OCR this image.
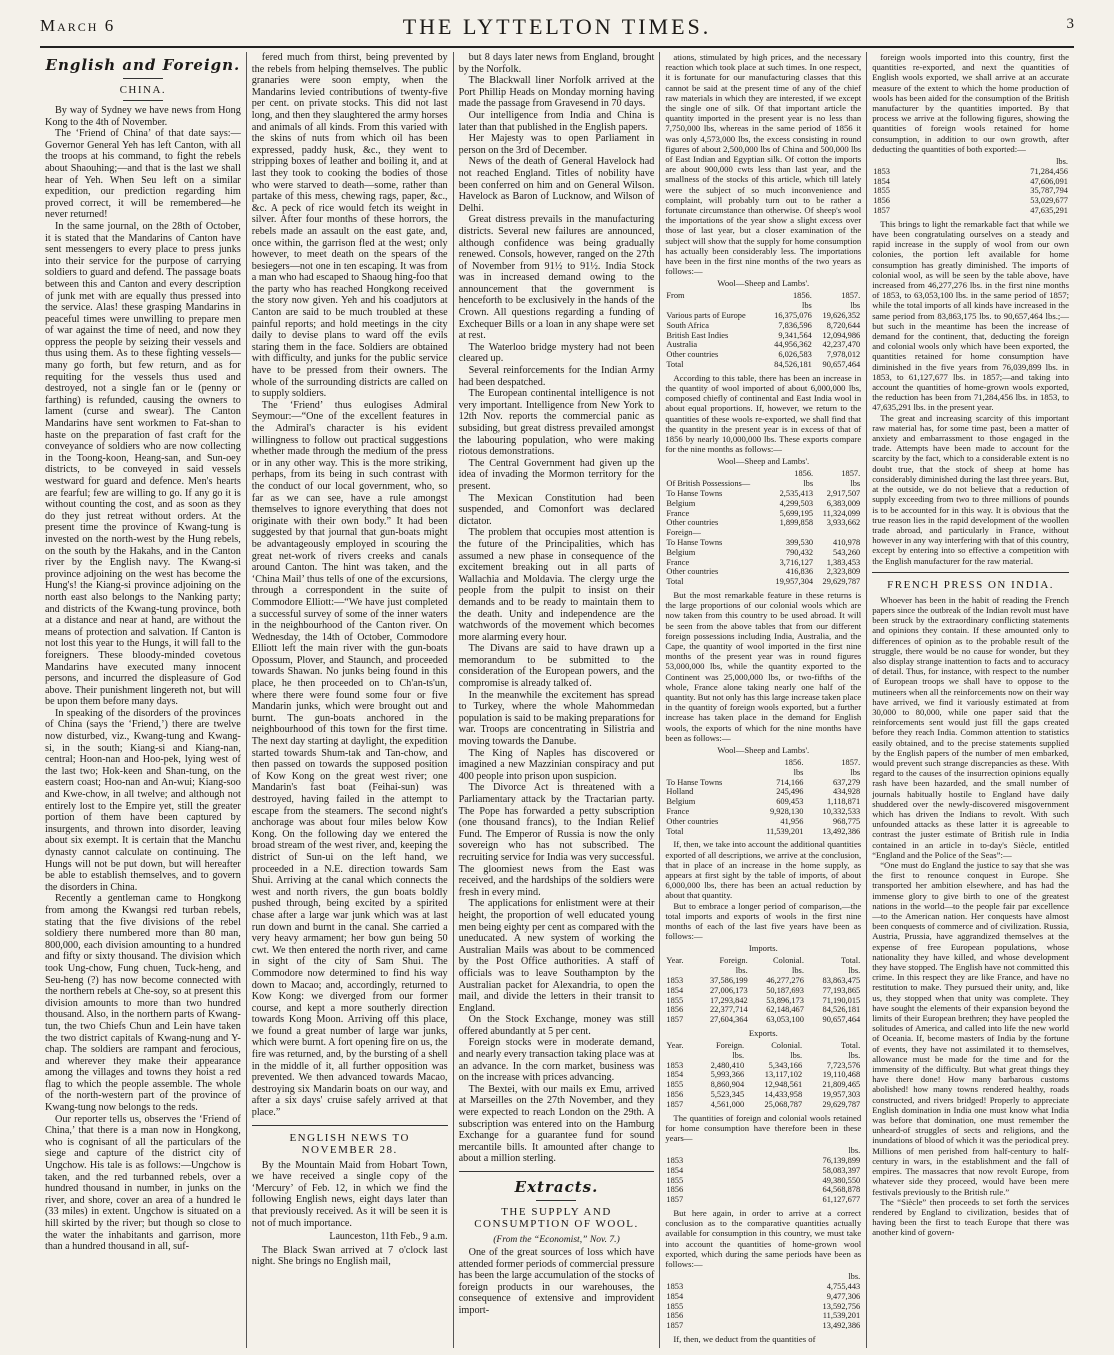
March 6	THE LYTTELTON TIMES.	3
English and Foreign.
CHINA.

By way of Sydney we have news from Hong Kong to the 4th of November.

The ‘Friend of China’ of that date says:—Governor General Yeh has left Canton, with all the troops at his command, to fight the rebels about Shaouhing;—and that is the last we shall hear of Yeh. When Seu left on a similar expedition, our prediction regarding him proved correct, it will be remembered—he never returned!

In the same journal, on the 28th of October, it is stated that the Mandarins of Canton have sent messengers to every place to press junks into their service for the purpose of carrying soldiers to guard and defend. The passage boats between this and Canton and every description of junk met with are equally thus pressed into the service. Alas! these grasping Mandarins in peaceful times were unwilling to prepare men of war against the time of need, and now they oppress the people by seizing their vessels and thus using them. As to these fighting vessels—many go forth, but few return, and as for requiting for the vessels thus used and destroyed, not a single fan or le (penny or farthing) is refunded, causing the owners to lament (curse and swear). The Canton Mandarins have sent workmen to Fat-shan to haste on the preparation of fast craft for the conveyance of soldiers who are now collecting in the Toong-koon, Heang-san, and Sun-oey districts, to be conveyed in said vessels westward for guard and defence. Men's hearts are fearful; few are willing to go. If any go it is without counting the cost, and as soon as they do they just retreat without orders. At the present time the province of Kwang-tung is invested on the north-west by the Hung rebels, on the south by the Hakahs, and in the Canton river by the English navy. The Kwang-si province adjoining on the west has become the Hung's! the Kiang-si province adjoining on the north east also belongs to the Nanking party; and districts of the Kwang-tung province, both at a distance and near at hand, are without the means of protection and salvation. If Canton is not lost this year to the Hungs, it will fall to the foreigners. These bloody-minded covetous Mandarins have executed many innocent persons, and incurred the displeasure of God above. Their punishment lingereth not, but will be upon them before many days.

In speaking of the disorders of the provinces of China (says the ‘Friend,’) there are twelve now disturbed, viz., Kwang-tung and Kwang-si, in the south; Kiang-si and Kiang-nan, central; Hoon-nan and Hoo-pek, lying west of the last two; Hok-keen and Shan-tung, on the eastern coast; Hoo-nan and An-wui; Kiang-soo and Kwe-chow, in all twelve; and although not entirely lost to the Empire yet, still the greater portion of them have been captured by insurgents, and thrown into disorder, leaving about six exempt. It is certain that the Manchu dynasty cannot calculate on continuing. The Hungs will not be put down, but will hereafter be able to establish themselves, and to govern the disorders in China.

Recently a gentleman came to Hongkong from among the Kwangsi red turban rebels, stating that the five divisions of the rebel soldiery there numbered more than 80 man, 800,000, each division amounting to a hundred and fifty or sixty thousand. The division which took Ung-chow, Fung chuen, Tuck-heng, and Seu-heng (?) has now become connected with the northern rebels at Che-soy, so at present this division amounts to more than two hundred thousand. Also, in the northern parts of Kwang-tun, the two Chiefs Chun and Lein have taken the two district capitals of Kwang-nung and Y-chap. The soldiers are rampant and ferocious, and wherever they make their appearance among the villages and towns they hoist a red flag to which the people assemble. The whole of the north-western part of the province of Kwang-tung now belongs to the reds.

Our reporter tells us, observes the ‘Friend of China,’ that there is a man now in Hongkong, who is cognisant of all the particulars of the siege and capture of the district city of Ungchow. His tale is as follows:—Ungchow is taken, and the red turbanned rebels, over a hundred thousand in number, in junks on the river, and shore, cover an area of a hundred le (33 miles) in extent. Ungchow is situated on a hill skirted by the river; but though so close to the water the inhabitants and garrison, more than a hundred thousand in all, suf-

fered much from thirst, being prevented by the rebels from helping themselves. The public granaries were soon empty, when the Mandarins levied contributions of twenty-five per cent. on private stocks. This did not last long, and then they slaughtered the army horses and animals of all kinds. From this varied with the skins of nuts from which oil has been expressed, paddy husk, &c., they went to stripping boxes of leather and boiling it, and at last they took to cooking the bodies of those who were starved to death—some, rather than partake of this mess, chewing rags, paper, &c., &c. A peck of rice would fetch its weight in silver. After four months of these horrors, the rebels made an assault on the east gate, and, once within, the garrison fled at the west; only however, to meet death on the spears of the besiegers—not one in ten escaping. It was from a man who had escaped to Shaoug hing-foo that the party who has reached Hongkong received the story now given. Yeh and his coadjutors at Canton are said to be much troubled at these painful reports; and hold meetings in the city daily to devise plans to ward off the evils staring them in the face. Soldiers are obtained with difficulty, and junks for the public service have to be pressed from their owners. The whole of the surrounding districts are called on to supply soldiers.

The ‘Friend’ thus eulogises Admiral Seymour:—“One of the excellent features in the Admiral's character is his evident willingness to follow out practical suggestions whether made through the medium of the press or in any other way. This is the more striking, perhaps, from its being in such contrast with the conduct of our local government, who, so far as we can see, have a rule amongst themselves to ignore everything that does not originate with their own body.” It had been suggested by that journal that gun-boats might be advantageously employed in scouring the great net-work of rivers creeks and canals around Canton. The hint was taken, and the ‘China Mail’ thus tells of one of the excursions, through a correspondent in the suite of Commodore Elliott:—“We have just completed a successful survey of some of the inner waters in the neighbourhood of the Canton river. On Wednesday, the 14th of October, Commodore Elliott left the main river with the gun-boats Opossum, Plover, and Staunch, and proceeded towards Shawan. No junks being found in this place, he then proceeded on to Ch'an-ts'un, where there were found some four or five Mandarin junks, which were brought out and burnt. The gun-boats anchored in the neighbourhood of this town for the first time. The next day starting at daylight, the expedition started towards Shum-tak and Tan-chow, and then passed on towards the supposed position of Kow Kong on the great west river; one Mandarin's fast boat (Feihai-sun) was destroyed, having failed in the attempt to escape from the steamers. The second night's anchorage was about four miles below Kow Kong. On the following day we entered the broad stream of the west river, and, keeping the district of Sun-ui on the left hand, we proceeded in a N.E. direction towards Sam Shui. Arriving at the canal which connects the west and north rivers, the gun boats boldly pushed through, being excited by a spirited chase after a large war junk which was at last run down and burnt in the canal. She carried a very heavy armament; her bow gun being 50 cwt. We then entered the north river, and came in sight of the city of Sam Shui. The Commodore now determined to find his way down to Macao; and, accordingly, returned to Kow Kong: we diverged from our former course, and kept a more southerly direction towards Kong Moon. Arriving off this place, we found a great number of large war junks, which were burnt. A fort opening fire on us, the fire was returned, and, by the bursting of a shell in the middle of it, all further opposition was prevented. We then advanced towards Macao, destroying six Mandarin boats on our way, and after a six days' cruise safely arrived at that place.”

ENGLISH NEWS TO NOVEMBER 28.

By the Mountain Maid from Hobart Town, we have received a single copy of the ‘Mercury’ of Feb. 12, in which we find the following English news, eight days later than that previously received. As it will be seen it is not of much importance.

Launceston, 11th Feb., 9 a.m.

The Black Swan arrived at 7 o'clock last night. She brings no English mail,

but 8 days later news from England, brought by the Norfolk.

The Blackwall liner Norfolk arrived at the Port Phillip Heads on Monday morning having made the passage from Gravesend in 70 days.

Our intelligence from India and China is later than that published in the English papers.

Her Majesty was to open Parliament in person on the 3rd of December.

News of the death of General Havelock had not reached England. Titles of nobility have been conferred on him and on General Wilson. Havelock as Baron of Lucknow, and Wilson of Delhi.

Great distress prevails in the manufacturing districts. Several new failures are announced, although confidence was being gradually renewed. Consols, however, ranged on the 27th of November from 91½ to 91½. India Stock was in increased demand owing to the announcement that the government is henceforth to be exclusively in the hands of the Crown. All questions regarding a funding of Exchequer Bills or a loan in any shape were set at rest.

The Waterloo bridge mystery had not been cleared up.

Several reinforcements for the Indian Army had been despatched.

The European continental intelligence is not very important. Intelligence from New York to 12th Nov. reports the commercial panic as subsiding, but great distress prevailed amongst the labouring population, who were making riotous demonstrations.

The Central Government had given up the idea of invading the Mormon territory for the present.

The Mexican Constitution had been suspended, and Comonfort was declared dictator.

The problem that occupies most attention is the future of the Principalities, which has assumed a new phase in consequence of the excitement breaking out in all parts of Wallachia and Moldavia. The clergy urge the people from the pulpit to insist on their demands and to be ready to maintain them to the death. Unity and independence are the watchwords of the movement which becomes more alarming every hour.

The Divans are said to have drawn up a memorandum to be submitted to the consideration of the European powers, and the compromise is already talked of.

In the meanwhile the excitement has spread to Turkey, where the whole Mahommedan population is said to be making preparations for war. Troops are concentrating in Silistria and moving towards the Danube.

The King of Naples has discovered or imagined a new Mazzinian conspiracy and put 400 people into prison upon suspicion.

The Divorce Act is threatened with a Parliamentary attack by the Tractarian party. The Pope has forwarded a petty subscription (one thousand francs), to the Indian Relief Fund. The Emperor of Russia is now the only sovereign who has not subscribed. The recruiting service for India was very successful. The gloomiest news from the East was received, and the hardships of the soldiers were fresh in every mind.

The applications for enlistment were at their height, the proportion of well educated young men being eighty per cent as compared with the uneducated. A new system of working the Australian Mails was about to be commenced by the Post Office authorities. A staff of officials was to leave Southampton by the Australian packet for Alexandria, to open the mail, and divide the letters in their transit to England.

On the Stock Exchange, money was still offered abundantly at 5 per cent.

Foreign stocks were in moderate demand, and nearly every transaction taking place was at an advance. In the corn market, business was on the increase with prices advancing.

The Bextei, with our mails ex Emu, arrived at Marseilles on the 27th November, and they were expected to reach London on the 29th. A subscription was entered into on the Hamburg Exchange for a guarantee fund for sound mercantile bills. It amounted after change to about a million sterling.

Extracts.
THE SUPPLY AND CONSUMPTION OF WOOL.
(From the “Economist,” Nov. 7.)

One of the great sources of loss which have attended former periods of commercial pressure has been the large accumulation of the stocks of foreign products in our warehouses, the consequence of extensive and improvident import-

ations, stimulated by high prices, and the necessary reaction which took place at such times. In one respect, it is fortunate for our manufacturing classes that this cannot be said at the present time of any of the chief raw materials in which they are interested, if we except the single one of silk. Of that important article the quantity imported in the present year is no less than 7,750,000 lbs, whereas in the same period of 1856 it was only 4,573,000 lbs, the excess consisting in round figures of about 2,500,000 lbs of China and 500,000 lbs of East Indian and Egyptian silk. Of cotton the imports are about 900,000 cwts less than last year, and the smallness of the stocks of this article, which till lately were the subject of so much inconvenience and complaint, will probably turn out to be rather a fortunate circumstance than otherwise. Of sheep's wool the importations of the year show a slight excess over those of last year, but a closer examination of the subject will show that the supply for home consumption has actually been considerably less. The importations have been in the first nine months of the two years as follows:—

Wool—Sheep and Lambs'.
From	1856.	1857.
	lbs	lbs
Various parts of Europe	16,375,076	19,626,352
South Africa	7,836,596	8,720,644
British East Indies	9,341,564	12,094,986
Australia	44,956,362	42,237,470
Other countries	6,026,583	7,978,012
Total	84,526,181	90,657,464

According to this table, there has been an increase in the quantity of wool imported of about 6,000,000 lbs, composed chiefly of continental and East India wool in about equal proportions. If, however, we return to the quantities of these wools re-exported, we shall find that the quantity in the present year is in excess of that of 1856 by nearly 10,000,000 lbs. These exports compare for the nine months as follows:—

Wool—Sheep and Lambs'.
	1856.	1857.
Of British Possessions—	lbs	lbs
To Hanse Towns	2,535,413	2,917,507
Belgium	4,299,503	6,383,009
France	5,699,195	11,324,099
Other countries	1,899,858	3,933,662
Foreign—		
To Hanse Towns	399,530	410,978
Belgium	790,432	543,260
France	3,716,127	1,383,453
Other countries	416,836	2,323,809
Total	19,957,304	29,629,787

But the most remarkable feature in these returns is the large proportions of our colonial wools which are now taken from this country to be used abroad. It will be seen from the above tables that from our different foreign possessions including India, Australia, and the Cape, the quantity of wool imported in the first nine months of the present year was in round figures 53,000,000 lbs, while the quantity exported to the Continent was 25,000,000 lbs, or two-fifths of the whole, France alone taking nearly one half of the quantity. But not only has this large increase taken place in the quantity of foreign wools exported, but a further increase has taken place in the demand for English wools, the exports of which for the nine months have been as follows:—

Wool—Sheep and Lambs'.
	1856.	1857.
	lbs	lbs
To Hanse Towns	714,166	637,279
Holland	245,496	434,928
Belgium	609,453	1,118,871
France	9,928,130	10,332,533
Other countries	41,956	968,775
Total	11,539,201	13,492,386

If, then, we take into account the additional quantities exported of all descriptions, we arrive at the conclusion, that in place of an increase in the home supply, as appears at first sight by the table of imports, of about 6,000,000 lbs, there has been an actual reduction by about that quantity.

But to embrace a longer period of comparison,—the total imports and exports of wools in the first nine months of each of the last five years have been as follows:—

Imports.
Year.	Foreign.	Colonial.	Total.
	lbs.	lbs.	lbs.
1853	37,586,199	46,277,276	83,863,475
1854	27,006,173	50,187,693	77,193,865
1855	17,293,842	53,896,173	71,190,015
1856	22,377,714	62,148,467	84,526,181
1857	27,604,364	63,053,100	90,657,464
Exports.
Year.	Foreign.	Colonial.	Total.
	lbs.	lbs.	lbs.
1853	2,480,410	5,343,166	7,723,576
1854	5,993,366	13,117,102	19,110,468
1855	8,860,904	12,948,561	21,809,465
1856	5,523,345	14,433,958	19,957,303
1857	4,561,000	25,068,787	29,629,787

The quantities of foreign and colonial wools retained for home consumption have therefore been in these years—

	lbs.
1853	76,139,899
1854	58,083,397
1855	49,380,550
1856	64,568,878
1857	61,127,677

But here again, in order to arrive at a correct conclusion as to the comparative quantities actually available for consumption in this country, we must take into account the quantities of home-grown wool exported, which during the same periods have been as follows:—

	lbs.
1853	4,755,443
1854	9,477,306
1855	13,592,756
1856	11,539,201
1857	13,492,386

If, then, we deduct from the quantities of

foreign wools imported into this country, first the quantities re-exported, and next the quantities of English wools exported, we shall arrive at an accurate measure of the extent to which the home production of wools has been aided for the consumption of the British manufacturer by the quantities imported. By that process we arrive at the following figures, showing the quantities of foreign wools retained for home consumption, in addition to our own growth, after deducting the quantities of both exported:—

	lbs.
1853	71,284,456
1854	47,606,091
1855	35,787,794
1856	53,029,677
1857	47,635,291

This brings to light the remarkable fact that while we have been congratulating ourselves on a steady and rapid increase in the supply of wool from our own colonies, the portion left available for home consumption has greatly diminished. The imports of colonial wool, as will be seen by the table above, have increased from 46,277,276 lbs. in the first nine months of 1853, to 63,053,100 lbs. in the same period of 1857; while the total imports of all kinds have increased in the same period from 83,863,175 lbs. to 90,657,464 lbs.;—but such in the meantime has been the increase of demand for the continent, that, deducting the foreign and colonial wools only which have been exported, the quantities retained for home consumption have diminished in the five years from 76,039,899 lbs. in 1853, to 61,127,677 lbs. in 1857;—and taking into account the quantities of home-grown wools exported, the reduction has been from 71,284,456 lbs. in 1853, to 47,635,291 lbs. in the present year.

The great and increasing scarcity of this important raw material has, for some time past, been a matter of anxiety and embarrassment to those engaged in the trade. Attempts have been made to account for the scarcity by the fact, which to a considerable extent is no doubt true, that the stock of sheep at home has considerably diminished during the last three years. But, at the outside, we do not believe that a reduction of supply exceeding from two to three millions of pounds is to be accounted for in this way. It is obvious that the true reason lies in the rapid development of the woollen trade abroad, and particularly in France, without however in any way interfering with that of this country, except by entering into so effective a competition with the English manufacturer for the raw material.

FRENCH PRESS ON INDIA.

Whoever has been in the habit of reading the French papers since the outbreak of the Indian revolt must have been struck by the extraordinary conflicting statements and opinions they contain. If these amounted only to differences of opinion as to the probable result of the struggle, there would be no cause for wonder, but they also display strange inattention to facts and to accuracy of detail. Thus, for instance, with respect to the number of European troops we shall have to oppose to the mutineers when all the reinforcements now on their way have arrived, we find it variously estimated at from 30,000 to 80,000, while one paper said that the reinforcements sent would just fill the gaps created before they reach India. Common attention to statistics easily obtained, and to the precise statements supplied by the English papers of the number of men embarked, would prevent such strange discrepancies as these. With regard to the causes of the insurrection opinions equally rash have been hazarded, and the small number of journals habitually hostile to England have daily shuddered over the newly-discovered misgovernment which has driven the Indians to revolt. With such unfounded attacks as these latter it is agreeable to contrast the juster estimate of British rule in India contained in an article in to-day's Siècle, entitled “England and the Police of the Seas”:—

“One must do England the justice to say that she was the first to renounce conquest in Europe. She transported her ambition elsewhere, and has had the immense glory to give birth to one of the greatest nations in the world—to the people fair par excellence—to the American nation. Her conquests have almost been conquests of commerce and of civilization. Russia, Austria, Prussia, have aggrandized themselves at the expense of free European populations, whose nationality they have killed, and whose development they have stopped. The English have not committed this crime. In this respect they are like France, and have no restitution to make. They pursued their unity, and, like us, they stopped when that unity was complete. They have sought the elements of their expansion beyond the limits of their European brethren; they have peopled the solitudes of America, and called into life the new world of Oceania. If, become masters of India by the fortune of events, they have not assimilated it to themselves, allowance must be made for the time and for the immensity of the difficulty. But what great things they have there done! How many barbarous customs abolished! how many towns rendered healthy, roads constructed, and rivers bridged! Properly to appreciate English domination in India one must know what India was before that domination, one must remember the unheard-of struggles of sects and religions, and the inundations of blood of which it was the periodical prey. Millions of men perished from half-century to half-century in wars, in the establishment and the fall of empires. The massacres that now revolt Europe, from whatever side they proceed, would have been mere festivals previously to the British rule.”

The “Siècle” then proceeds to set forth the services rendered by England to civilization, besides that of having been the first to teach Europe that there was another kind of govern-
